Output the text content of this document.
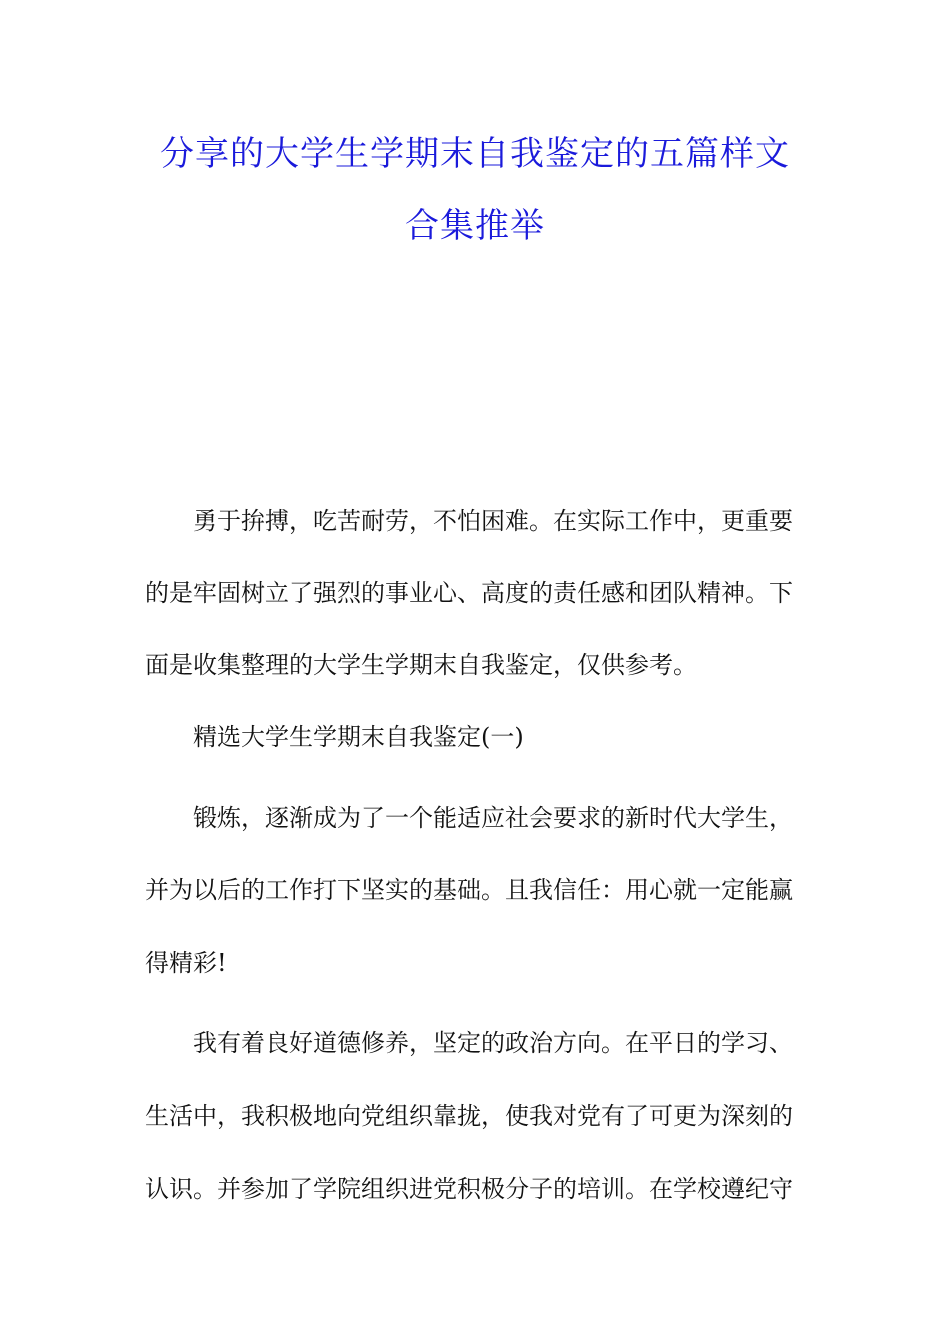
分享的大学生学期末自我鉴定的五篇样文
合集推举
勇于拚搏，吃苦耐劳，不怕困难。在实际工作中，更重要
的是牢固树立了强烈的事业心、高度的责任感和团队精神。下
面是收集整理的大学生学期末自我鉴定，仅供参考。
精选大学生学期末自我鉴定(一)
锻炼，逐渐成为了一个能适应社会要求的新时代大学生，
并为以后的工作打下坚实的基础。且我信任：用心就一定能赢
得精彩!
我有着良好道德修养，坚定的政治方向。在平日的学习、
生活中，我积极地向党组织靠拢，使我对党有了可更为深刻的
认识。并参加了学院组织进党积极分子的培训。在学校遵纪守
